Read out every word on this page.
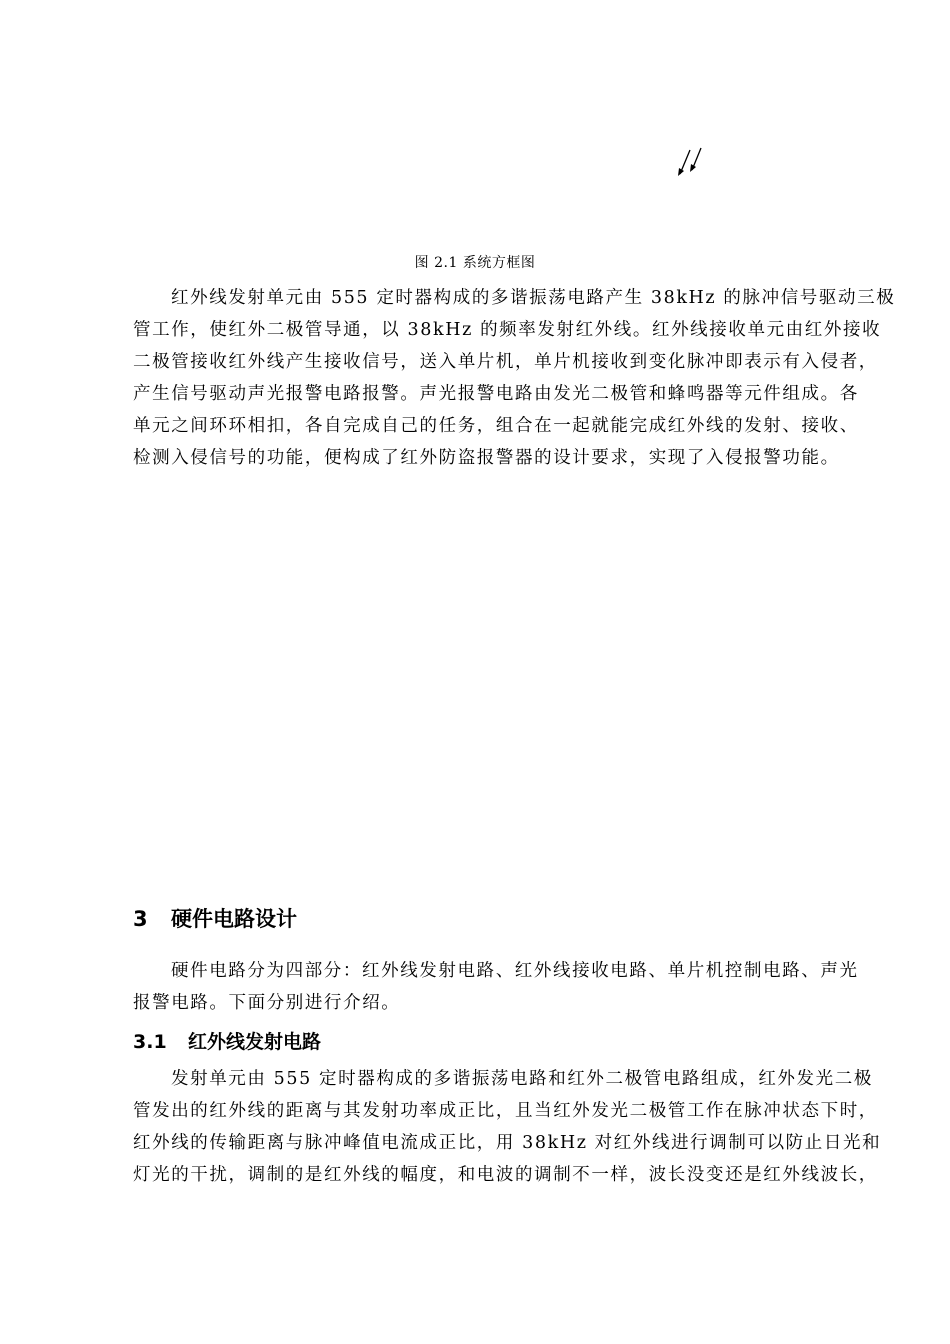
图 2.1 系统方框图

红外线发射单元由 555 定时器构成的多谐振荡电路产生 38kHz 的脉冲信号驱动三极
管工作，使红外二极管导通，以 38kHz 的频率发射红外线。红外线接收单元由红外接收
二极管接收红外线产生接收信号，送入单片机，单片机接收到变化脉冲即表示有入侵者，
产生信号驱动声光报警电路报警。声光报警电路由发光二极管和蜂鸣器等元件组成。各
单元之间环环相扣，各自完成自己的任务，组合在一起就能完成红外线的发射、接收、
检测入侵信号的功能，便构成了红外防盗报警器的设计要求，实现了入侵报警功能。

3 硬件电路设计

硬件电路分为四部分：红外线发射电路、红外线接收电路、单片机控制电路、声光
报警电路。下面分别进行介绍。

3.1 红外线发射电路

发射单元由 555 定时器构成的多谐振荡电路和红外二极管电路组成，红外发光二极
管发出的红外线的距离与其发射功率成正比，且当红外发光二极管工作在脉冲状态下时，
红外线的传输距离与脉冲峰值电流成正比，用 38kHz 对红外线进行调制可以防止日光和
灯光的干扰，调制的是红外线的幅度，和电波的调制不一样，波长没变还是红外线波长，
